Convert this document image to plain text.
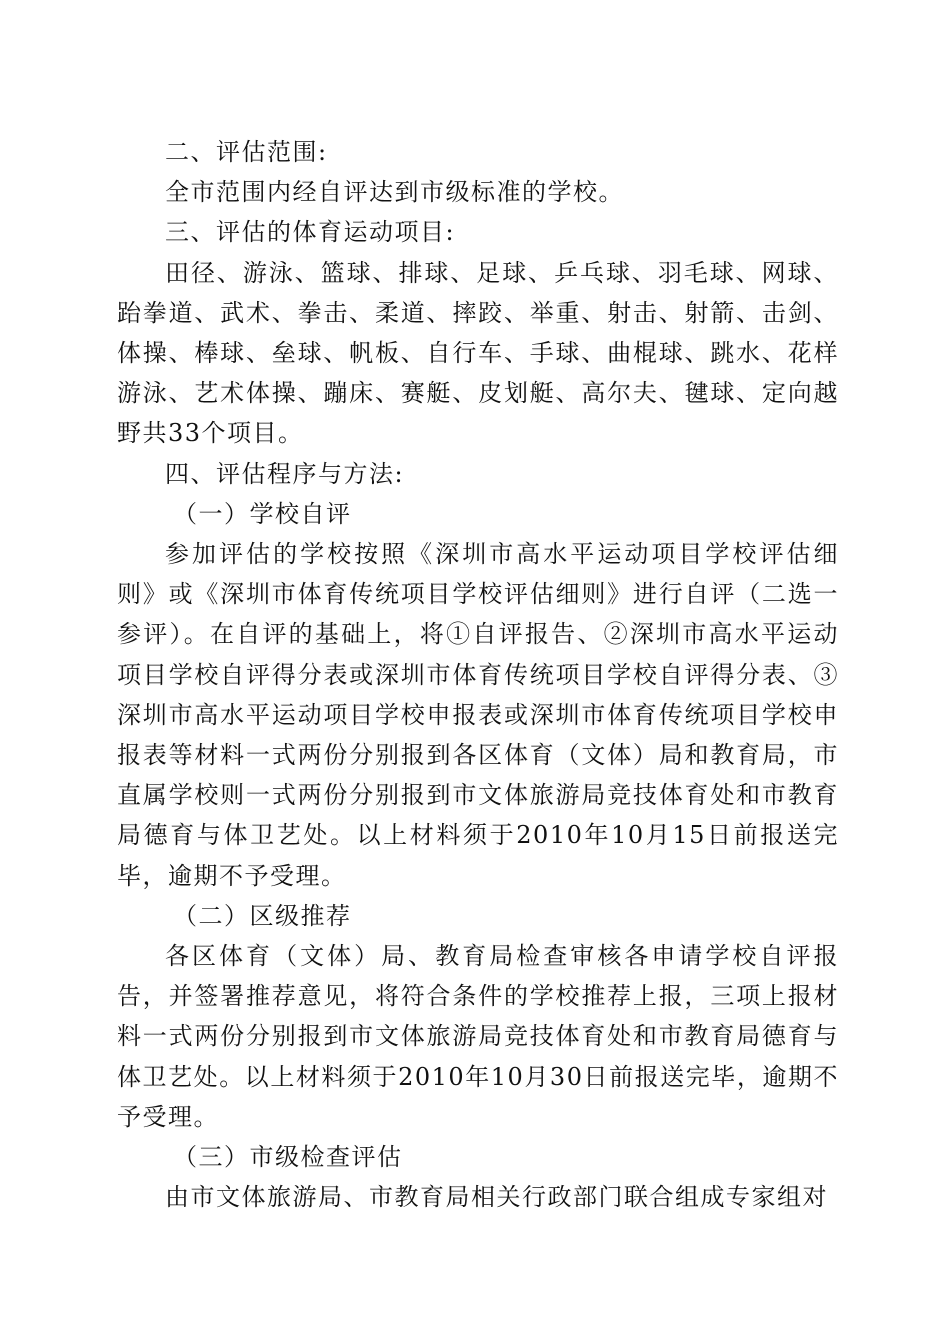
二、评估范围:

全市范围内经自评达到市级标准的学校。

三、评估的体育运动项目:

田径、游泳、篮球、排球、足球、乒乓球、羽毛球、网球、跆拳道、武术、拳击、柔道、摔跤、举重、射击、射箭、击剑、体操、棒球、垒球、帆板、自行车、手球、曲棍球、跳水、花样游泳、艺术体操、蹦床、赛艇、皮划艇、高尔夫、毽球、定向越野共33个项目。

四、评估程序与方法:

（一）学校自评

参加评估的学校按照《深圳市高水平运动项目学校评估细则》或《深圳市体育传统项目学校评估细则》进行自评（二选一参评）。在自评的基础上，将①自评报告、②深圳市高水平运动项目学校自评得分表或深圳市体育传统项目学校自评得分表、③深圳市高水平运动项目学校申报表或深圳市体育传统项目学校申报表等材料一式两份分别报到各区体育（文体）局和教育局，市直属学校则一式两份分别报到市文体旅游局竞技体育处和市教育局德育与体卫艺处。以上材料须于2010年10月15日前报送完毕，逾期不予受理。

（二）区级推荐

各区体育（文体）局、教育局检查审核各申请学校自评报告，并签署推荐意见，将符合条件的学校推荐上报，三项上报材料一式两份分别报到市文体旅游局竞技体育处和市教育局德育与体卫艺处。以上材料须于2010年10月30日前报送完毕，逾期不予受理。

（三）市级检查评估

由市文体旅游局、市教育局相关行政部门联合组成专家组对
